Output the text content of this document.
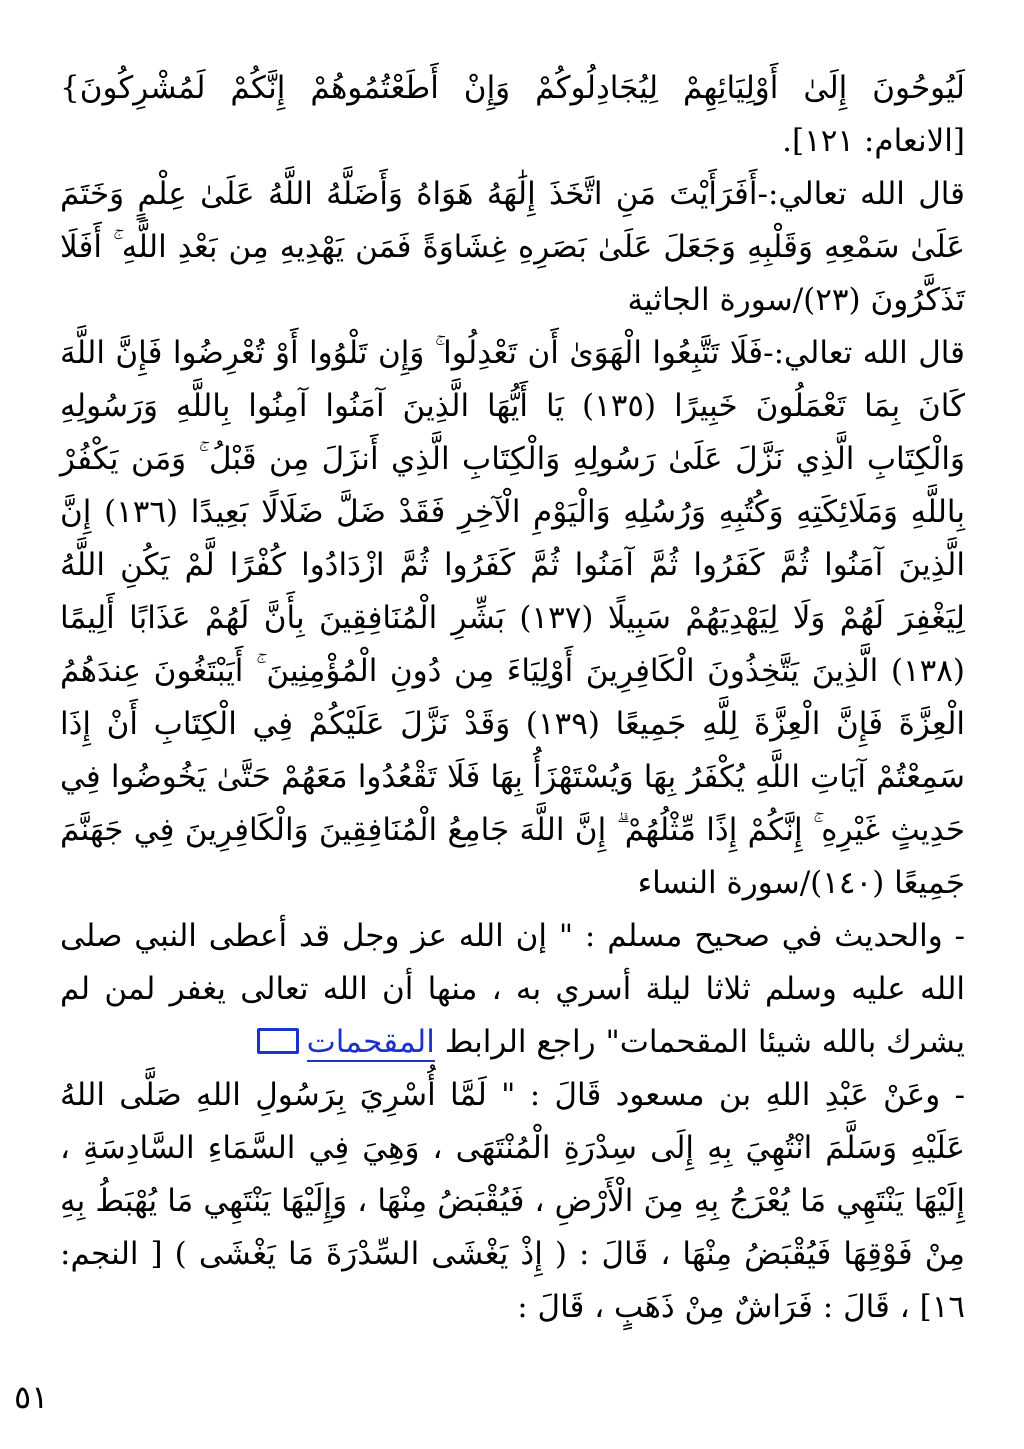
لَيُوحُونَ إِلَىٰ أَوْلِيَائِهِمْ لِيُجَادِلُوكُمْ وَإِنْ أَطَعْتُمُوهُمْ إِنَّكُمْ لَمُشْرِكُونَ} [الانعام: ١٢١].

قال الله تعالي:-أَفَرَأَيْتَ مَنِ اتَّخَذَ إِلَٰهَهُ هَوَاهُ وَأَضَلَّهُ اللَّهُ عَلَىٰ عِلْمٍ وَخَتَمَ عَلَىٰ سَمْعِهِ وَقَلْبِهِ وَجَعَلَ عَلَىٰ بَصَرِهِ غِشَاوَةً فَمَن يَهْدِيهِ مِن بَعْدِ اللَّهِ ۚ أَفَلَا تَذَكَّرُونَ (٢٣)/سورة الجاثية

قال الله تعالي:-فَلَا تَتَّبِعُوا الْهَوَىٰ أَن تَعْدِلُوا ۚ وَإِن تَلْوُوا أَوْ تُعْرِضُوا فَإِنَّ اللَّهَ كَانَ بِمَا تَعْمَلُونَ خَبِيرًا (١٣٥) يَا أَيُّهَا الَّذِينَ آمَنُوا آمِنُوا بِاللَّهِ وَرَسُولِهِ وَالْكِتَابِ الَّذِي نَزَّلَ عَلَىٰ رَسُولِهِ وَالْكِتَابِ الَّذِي أَنزَلَ مِن قَبْلُ ۚ وَمَن يَكْفُرْ بِاللَّهِ وَمَلَائِكَتِهِ وَكُتُبِهِ وَرُسُلِهِ وَالْيَوْمِ الْآخِرِ فَقَدْ ضَلَّ ضَلَالًا بَعِيدًا (١٣٦) إِنَّ الَّذِينَ آمَنُوا ثُمَّ كَفَرُوا ثُمَّ آمَنُوا ثُمَّ كَفَرُوا ثُمَّ ازْدَادُوا كُفْرًا لَّمْ يَكُنِ اللَّهُ لِيَغْفِرَ لَهُمْ وَلَا لِيَهْدِيَهُمْ سَبِيلًا (١٣٧) بَشِّرِ الْمُنَافِقِينَ بِأَنَّ لَهُمْ عَذَابًا أَلِيمًا (١٣٨) الَّذِينَ يَتَّخِذُونَ الْكَافِرِينَ أَوْلِيَاءَ مِن دُونِ الْمُؤْمِنِينَ ۚ أَيَبْتَغُونَ عِندَهُمُ الْعِزَّةَ فَإِنَّ الْعِزَّةَ لِلَّهِ جَمِيعًا (١٣٩) وَقَدْ نَزَّلَ عَلَيْكُمْ فِي الْكِتَابِ أَنْ إِذَا سَمِعْتُمْ آيَاتِ اللَّهِ يُكْفَرُ بِهَا وَيُسْتَهْزَأُ بِهَا فَلَا تَقْعُدُوا مَعَهُمْ حَتَّىٰ يَخُوضُوا فِي حَدِيثٍ غَيْرِهِ ۚ إِنَّكُمْ إِذًا مِّثْلُهُمْ ۗ إِنَّ اللَّهَ جَامِعُ الْمُنَافِقِينَ وَالْكَافِرِينَ فِي جَهَنَّمَ جَمِيعًا (١٤٠)/سورة النساء

- والحديث في صحيح مسلم : " إن الله عز وجل قد أعطى النبي صلى الله عليه وسلم ثلاثا ليلة أسري به ، منها أن الله تعالى يغفر لمن لم يشرك بالله شيئا المقحمات" راجع الرابط المقحمات

- وعَنْ عَبْدِ اللهِ بن مسعود قَالَ : " لَمَّا أُسْرِيَ بِرَسُولِ اللهِ صَلَّى اللهُ عَلَيْهِ وَسَلَّمَ انْتُهِيَ بِهِ إِلَى سِدْرَةِ الْمُنْتَهَى ، وَهِيَ فِي السَّمَاءِ السَّادِسَةِ ، إِلَيْهَا يَنْتَهِي مَا يُعْرَجُ بِهِ مِنَ الْأَرْضِ ، فَيُقْبَضُ مِنْهَا ، وَإِلَيْهَا يَنْتَهِي مَا يُهْبَطُ بِهِ مِنْ فَوْقِهَا فَيُقْبَضُ مِنْهَا ، قَالَ : ( إِذْ يَغْشَى السِّدْرَةَ مَا يَغْشَى ) [ النجم: ١٦] ، قَالَ : فَرَاشٌ مِنْ ذَهَبٍ ، قَالَ :

٥١
